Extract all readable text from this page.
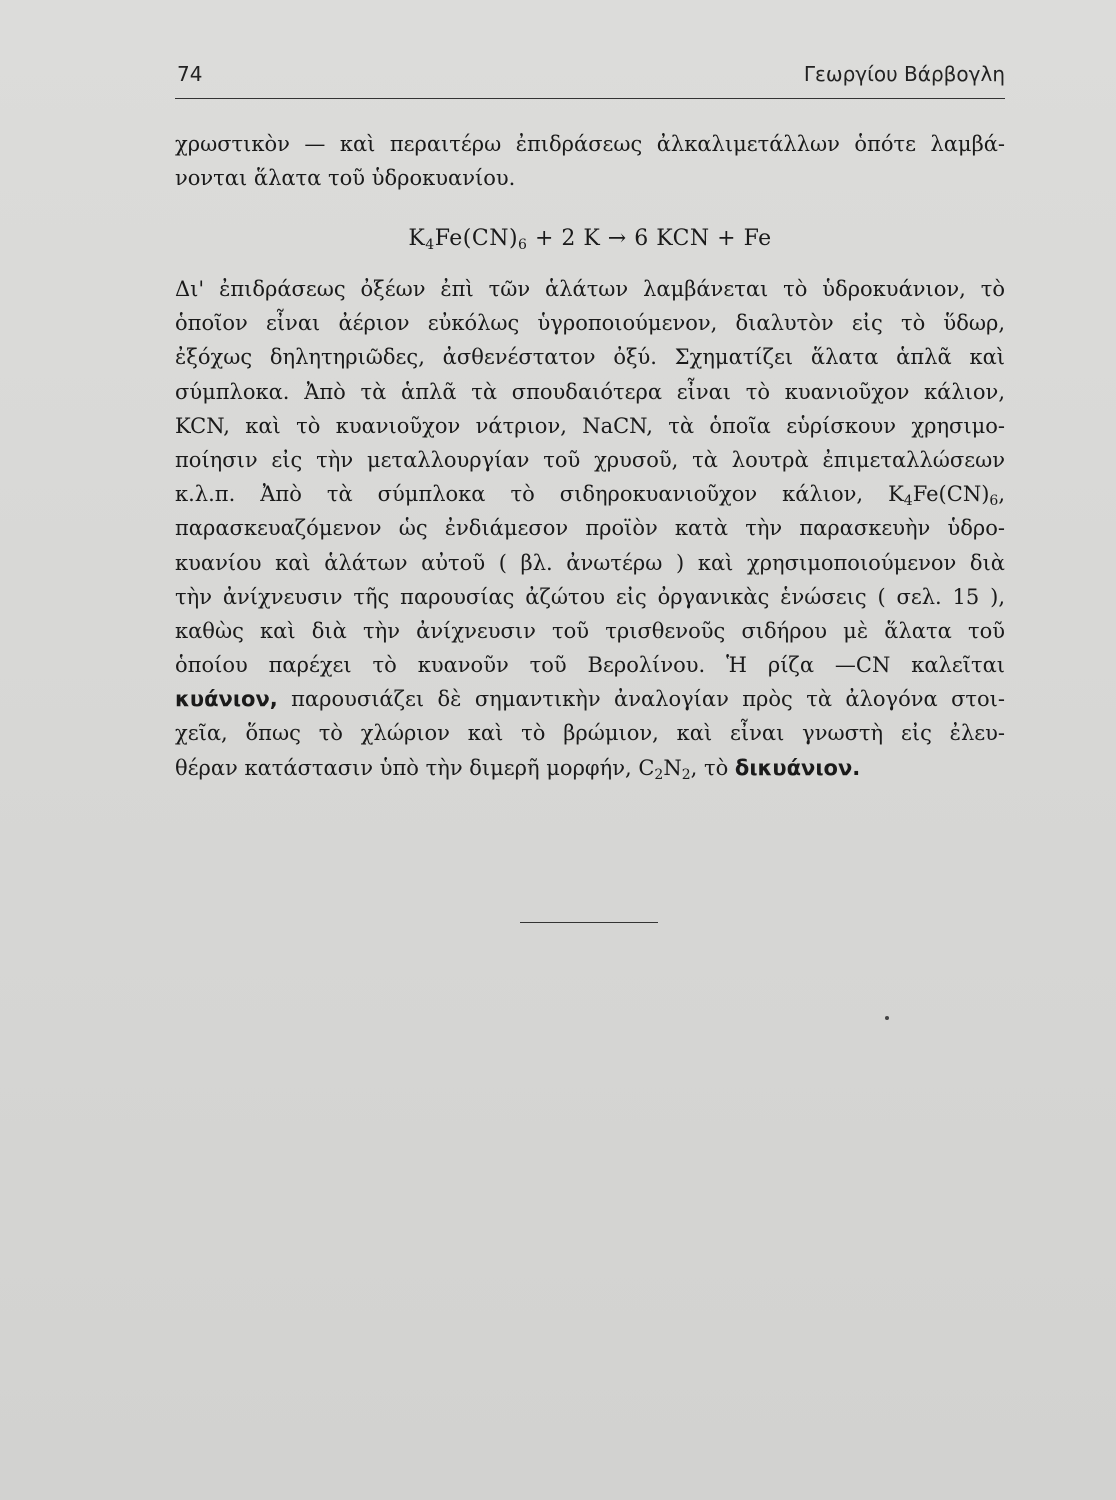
74	Γεωργίου Βάρβογλη
χρωστικὸν — καὶ περαιτέρω ἐπιδράσεως ἀλκαλιμετάλλων ὁπότε λαμβά-
νονται ἅλατα τοῦ ὑδροκυανίου.
$K_4Fe(CN)_6 + 2$ K → 6 KCN + Fe
Δι' ἐπιδράσεως ὀξέων ἐπὶ τῶν ἁλάτων λαμβάνεται τὸ ὑδροκυάνιον, τὸ
ὁποῖον εἶναι ἀέριον εὐκόλως ὑγροποιούμενον, διαλυτὸν εἰς τὸ ὕδωρ,
ἐξόχως δηλητηριῶδες, ἀσθενέστατον ὀξύ. Σχηματίζει ἅλατα ἁπλᾶ καὶ
σύμπλοκα. Ἀπὸ τὰ ἁπλᾶ τὰ σπουδαιότερα εἶναι τὸ κυανιοῦχον κάλιον,
KCN, καὶ τὸ κυανιοῦχον νάτριον, NaCN, τὰ ὁποῖα εὑρίσκουν χρησιμο-
ποίησιν εἰς τὴν μεταλλουργίαν τοῦ χρυσοῦ, τὰ λουτρὰ ἐπιμεταλλώσεων
κ.λ.π. Ἀπὸ τὰ σύμπλοκα τὸ σιδηροκυανιοῦχον κάλιον, $K_4Fe(CN)_6$,
παρασκευαζόμενον ὡς ἐνδιάμεσον προϊὸν κατὰ τὴν παρασκευὴν ὑδρο-
κυανίου καὶ ἁλάτων αὐτοῦ ( βλ. ἀνωτέρω ) καὶ χρησιμοποιούμενον διὰ
τὴν ἀνίχνευσιν τῆς παρουσίας ἀζώτου εἰς ὀργανικὰς ἑνώσεις ( σελ. 15 ),
καθὼς καὶ διὰ τὴν ἀνίχνευσιν τοῦ τρισθενοῦς σιδήρου μὲ ἅλατα τοῦ
ὁποίου παρέχει τὸ κυανοῦν τοῦ Βερολίνου. Ἡ ρίζα —CN καλεῖται
κυάνιον, παρουσιάζει δὲ σημαντικὴν ἀναλογίαν πρὸς τὰ ἀλογόνα στοι-
χεῖα, ὅπως τὸ χλώριον καὶ τὸ βρώμιον, καὶ εἶναι γνωστὴ εἰς ἐλευ-
θέραν κατάστασιν ὑπὸ τὴν διμερῆ μορφήν, $C_2N_2$, τὸ δικυάνιον.
